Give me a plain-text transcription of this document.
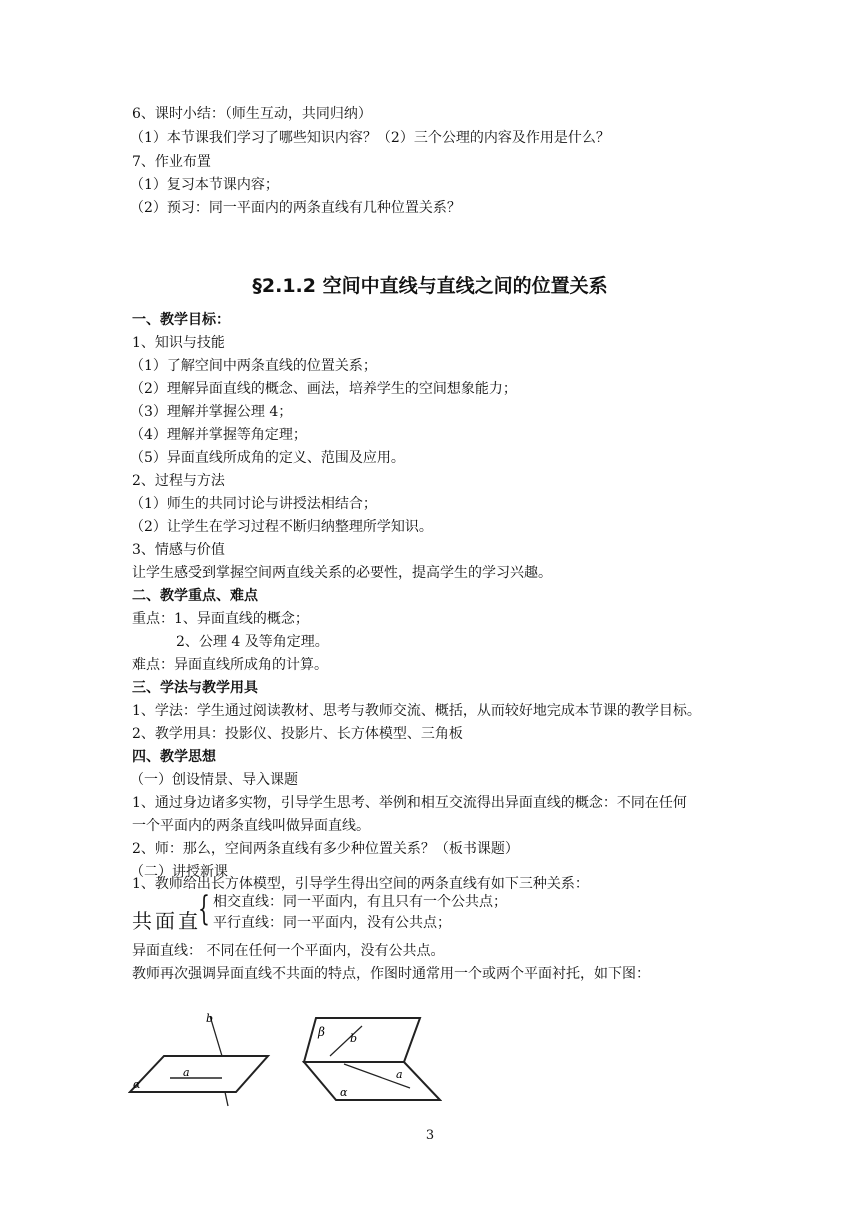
6、课时小结：（师生互动，共同归纳）
（1）本节课我们学习了哪些知识内容？（2）三个公理的内容及作用是什么？
7、作业布置
（1）复习本节课内容；
（2）预习：同一平面内的两条直线有几种位置关系？
§2.1.2 空间中直线与直线之间的位置关系
一、教学目标：
1、知识与技能
（1）了解空间中两条直线的位置关系；
（2）理解异面直线的概念、画法，培养学生的空间想象能力；
（3）理解并掌握公理 4；
（4）理解并掌握等角定理；
（5）异面直线所成角的定义、范围及应用。
2、过程与方法
（1）师生的共同讨论与讲授法相结合；
（2）让学生在学习过程不断归纳整理所学知识。
3、情感与价值
让学生感受到掌握空间两直线关系的必要性，提高学生的学习兴趣。
二、教学重点、难点
重点：1、异面直线的概念；
2、公理 4 及等角定理。
难点：异面直线所成角的计算。
三、学法与教学用具
1、学法：学生通过阅读教材、思考与教师交流、概括，从而较好地完成本节课的教学目标。
2、教学用具：投影仪、投影片、长方体模型、三角板
四、教学思想
（一）创设情景、导入课题
1、通过身边诸多实物，引导学生思考、举例和相互交流得出异面直线的概念：不同在任何
一个平面内的两条直线叫做异面直线。
2、师：那么，空间两条直线有多少种位置关系？（板书课题）
（二）讲授新课
1、教师给出长方体模型，引导学生得出空间的两条直线有如下三种关系：
共面直
{ 相交直线：同一平面内，有且只有一个公共点；
平行直线：同一平面内，没有公共点；
异面直线： 不同在任何一个平面内，没有公共点。
教师再次强调异面直线不共面的特点，作图时通常用一个或两个平面衬托，如下图：
b
a
α
β b
a
α
3
